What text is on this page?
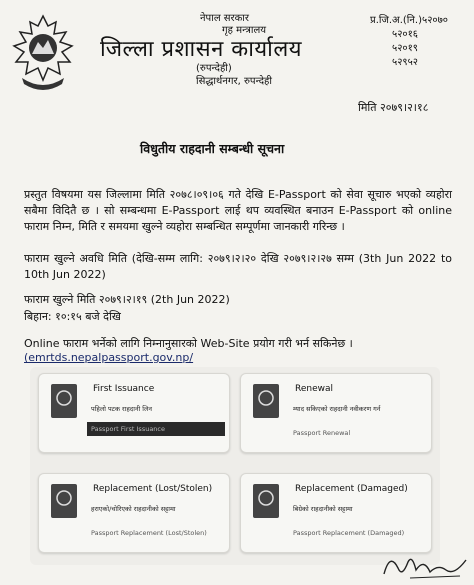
नेपाल सरकार
गृह मन्त्रालय
जिल्ला प्रशासन कार्यालय
(रुपन्देही)
सिद्धार्थनगर, रुपन्देही
प्र.जि.अ.(नि.)५२०७०
५२०१६
५२०१९
५२९५२
मिति २०७९।२।१८
विधुतीय राहदानी सम्बन्धी सूचना
प्रस्तुत विषयमा यस जिल्लामा मिति २०७८।०९।०६ गते देखि E-Passport को सेवा सूचारु भएको व्यहोरा सबैमा विदितै छ । सो सम्बन्धमा E-Passport लाई थप व्यवस्थित बनाउन E-Passport को online फाराम निम्न, मिति र समयमा खुल्ने व्यहोरा सम्बन्धित सम्पूर्णमा जानकारी गरिन्छ ।
फाराम खुल्ने अवधि मिति (देखि-सम्म लागि: २०७९।२।२० देखि २०७९।२।२७ सम्म (3th Jun 2022 to 10th Jun 2022)
फाराम खुल्ने मिति २०७९।२।१९ (2th Jun 2022)
बिहान: १०:१५ बजे देखि
Online फाराम भर्नेको लागि निम्नानुसारको Web-Site प्रयोग गरी भर्न सकिनेछ ।
(emrtds.nepalpassport.gov.np/
First Issuance
पहिलो पटक राहदानी लिन
Passport First Issuance
Renewal
म्याद सकिएको राहदानी नवीकरण गर्न
Passport Renewal
Replacement (Lost/Stolen)
हराएको/चोरिएको राहदानीको सट्टामा
Passport Replacement (Lost/Stolen)
Replacement (Damaged)
बिग्रेको राहदानीको सट्टामा
Passport Replacement (Damaged)
